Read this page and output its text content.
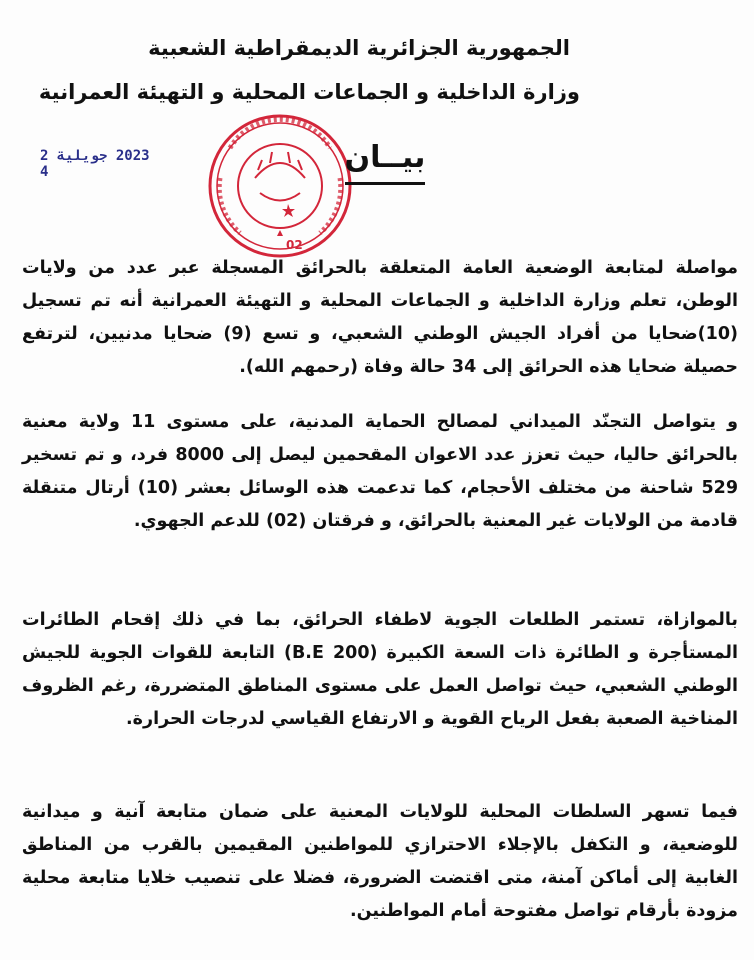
الجمهورية الجزائرية الديمقراطية الشعبية
وزارة الداخلية و الجماعات المحلية و التهيئة العمرانية
2023 جويلية 2 4
02
بيــان
مواصلة لمتابعة الوضعية العامة المتعلقة بالحرائق المسجلة عبر عدد من ولايات الوطن، تعلم وزارة الداخلية و الجماعات المحلية و التهيئة العمرانية أنه تم تسجيل (10)ضحايا من أفراد الجيش الوطني الشعبي، و تسع (9) ضحايا مدنيين، لترتفع حصيلة ضحايا هذه الحرائق إلى 34 حالة وفاة (رحمهم الله).
و يتواصل التجنّد الميداني لمصالح الحماية المدنية، على مستوى 11 ولاية معنية بالحرائق حاليا، حيث تعزز عدد الاعوان المقحمين ليصل إلى 8000 فرد، و تم تسخير 529 شاحنة من مختلف الأحجام، كما تدعمت هذه الوسائل بعشر (10) أرتال متنقلة قادمة من الولايات غير المعنية بالحرائق، و فرقتان (02) للدعم الجهوي.
بالموازاة، تستمر الطلعات الجوية لاطفاء الحرائق، بما في ذلك إقحام الطائرات المستأجرة و الطائرة ذات السعة الكبيرة (B.E 200) التابعة للقوات الجوية للجيش الوطني الشعبي، حيث تواصل العمل على مستوى المناطق المتضررة، رغم الظروف المناخية الصعبة بفعل الرياح القوية و الارتفاع القياسي لدرجات الحرارة.
فيما تسهر السلطات المحلية للولايات المعنية على ضمان متابعة آنية و ميدانية للوضعية، و التكفل بالإجلاء الاحترازي للمواطنين المقيمين بالقرب من المناطق الغابية إلى أماكن آمنة، متى اقتضت الضرورة، فضلا على تنصيب خلايا متابعة محلية مزودة بأرقام تواصل مفتوحة أمام المواطنين.
